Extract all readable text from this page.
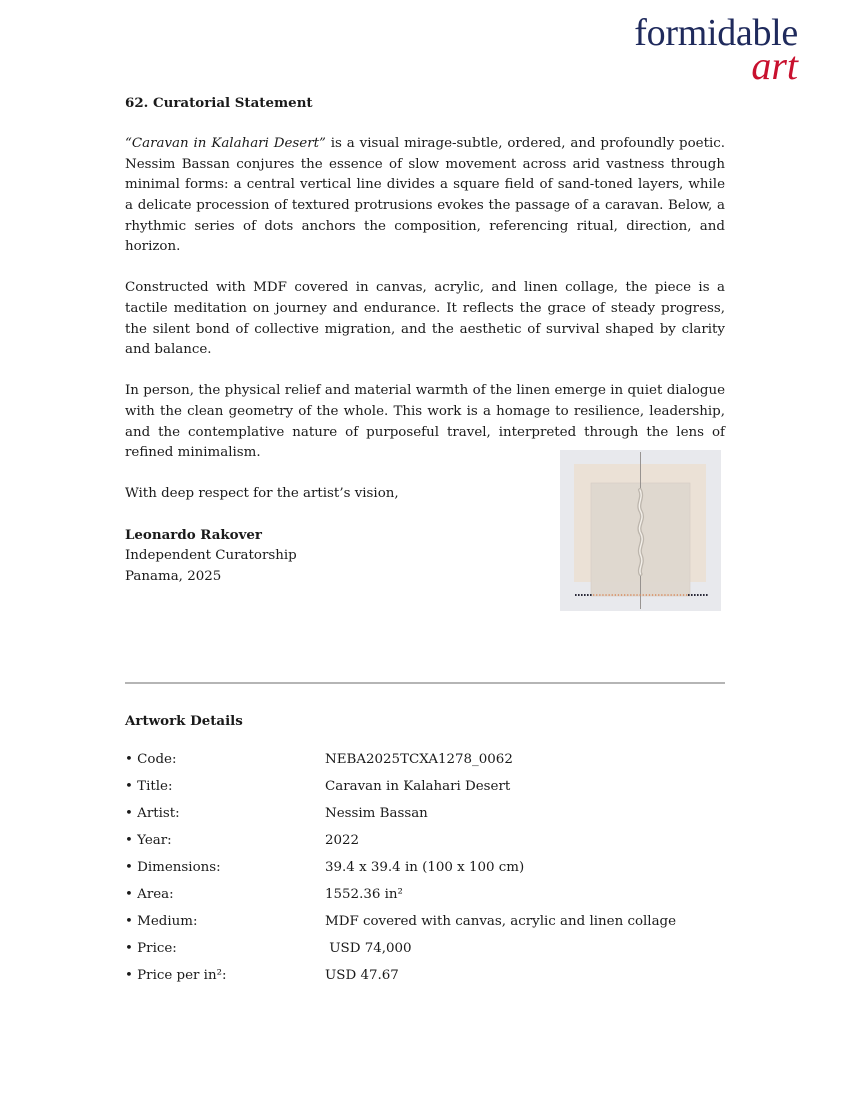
formidable
art

62. Curatorial Statement

“Caravan in Kalahari Desert” is a visual mirage-subtle, ordered, and profoundly poetic. Nessim Bassan conjures the essence of slow movement across arid vastness through minimal forms: a central vertical line divides a square field of sand-toned layers, while a delicate procession of textured protrusions evokes the passage of a caravan. Below, a rhythmic series of dots anchors the composition, referencing ritual, direction, and horizon.

Constructed with MDF covered in canvas, acrylic, and linen collage, the piece is a tactile meditation on journey and endurance. It reflects the grace of steady progress, the silent bond of collective migration, and the aesthetic of survival shaped by clarity and balance.

In person, the physical relief and material warmth of the linen emerge in quiet dialogue with the clean geometry of the whole. This work is a homage to resilience, leadership, and the contemplative nature of purposeful travel, interpreted through the lens of refined minimalism.

With deep respect for the artist’s vision,

Leonardo Rakover
Independent Curatorship
Panama, 2025

Artwork Details

• Code:	NEBA2025TCXA1278_0062
• Title:	Caravan in Kalahari Desert
• Artist:	Nessim Bassan
• Year:	2022
• Dimensions:	39.4 x 39.4 in (100 x 100 cm)
• Area:	1552.36 in²
• Medium:	MDF covered with canvas, acrylic and linen collage
• Price:	USD 74,000
• Price per in²:	USD 47.67
